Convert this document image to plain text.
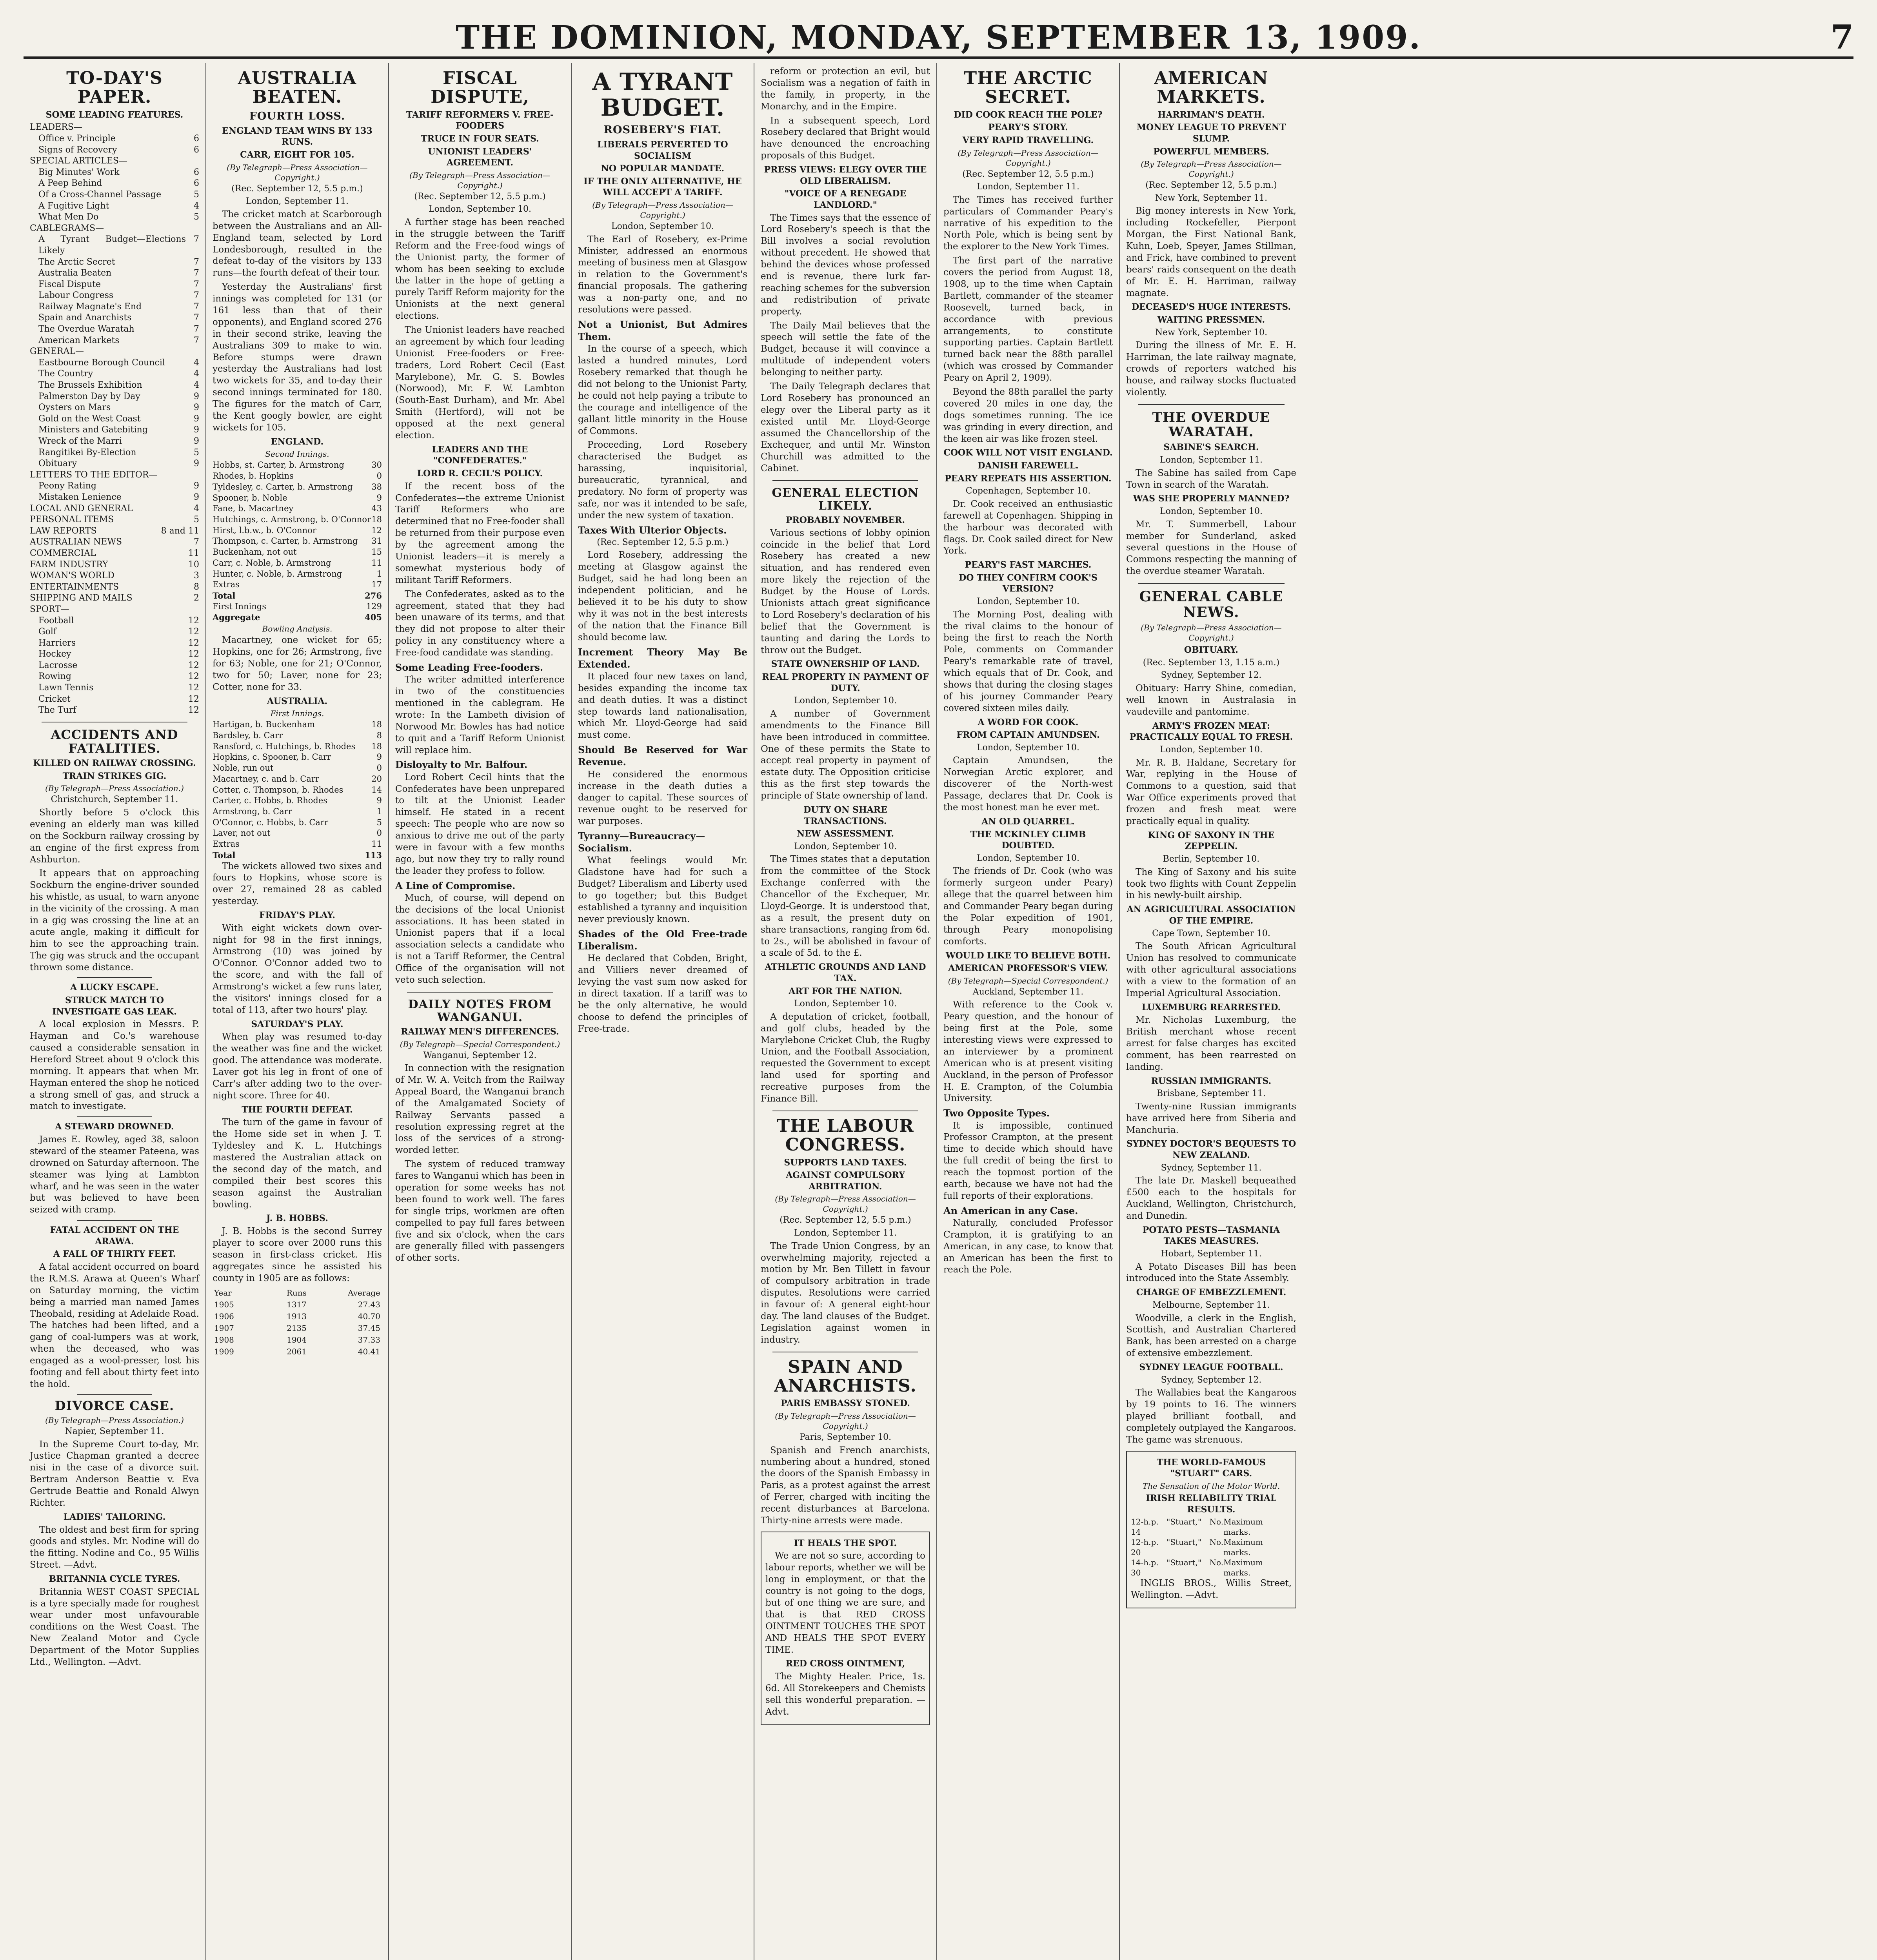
THE DOMINION, MONDAY, SEPTEMBER 13, 1909.	7
TO-DAY'S PAPER.
SOME LEADING FEATURES.
LEADERS—
Office v. Principle	6
Signs of Recovery	6
SPECIAL ARTICLES—
Big Minutes' Work	6
A Peep Behind	6
Of a Cross-Channel Passage	5
A Fugitive Light	4
What Men Do	5
CABLEGRAMS—
A Tyrant Budget—Elections Likely
7
The Arctic Secret	7
Australia Beaten	7
Fiscal Dispute	7
Labour Congress	7
Railway Magnate's End	7
Spain and Anarchists	7
The Overdue Waratah	7
American Markets	7
GENERAL—
Eastbourne Borough Council	4
The Country	4
The Brussels Exhibition	4
Palmerston Day by Day	9
Oysters on Mars	9
Gold on the West Coast	9
Ministers and Gatebiting	9
Wreck of the Marri	9
Rangitikei By-Election	5
Obituary	9
LETTERS TO THE EDITOR—
Peony Rating	9
Mistaken Lenience	9
LOCAL AND GENERAL	4
PERSONAL ITEMS	5
LAW REPORTS	8 and 11
AUSTRALIAN NEWS	7
COMMERCIAL	11
FARM INDUSTRY	10
WOMAN'S WORLD	3
ENTERTAINMENTS	8
SHIPPING AND MAILS	2
SPORT—
Football	12
Golf	12
Harriers	12
Hockey	12
Lacrosse	12
Rowing	12
Lawn Tennis	12
Cricket	12
The Turf	12
ACCIDENTS AND FATALITIES.
KILLED ON RAILWAY CROSSING.
TRAIN STRIKES GIG.
(By Telegraph—Press Association.)
Christchurch, September 11.

Shortly before 5 o'clock this evening an elderly man was killed on the Sockburn railway crossing by an engine of the first express from Ashburton.

It appears that on approaching Sockburn the engine-driver sounded his whistle, as usual, to warn anyone in the vicinity of the crossing. A man in a gig was crossing the line at an acute angle, making it difficult for him to see the approaching train. The gig was struck and the occupant thrown some distance.

A LUCKY ESCAPE.
STRUCK MATCH TO INVESTIGATE GAS LEAK.

A local explosion in Messrs. P. Hayman and Co.'s warehouse caused a considerable sensation in Hereford Street about 9 o'clock this morning. It appears that when Mr. Hayman entered the shop he noticed a strong smell of gas, and struck a match to investigate.

A STEWARD DROWNED.

James E. Rowley, aged 38, saloon steward of the steamer Pateena, was drowned on Saturday afternoon. The steamer was lying at Lambton wharf, and he was seen in the water but was believed to have been seized with cramp.

FATAL ACCIDENT ON THE ARAWA.
A FALL OF THIRTY FEET.

A fatal accident occurred on board the R.M.S. Arawa at Queen's Wharf on Saturday morning, the victim being a married man named James Theobald, residing at Adelaide Road. The hatches had been lifted, and a gang of coal-lumpers was at work, when the deceased, who was engaged as a wool-presser, lost his footing and fell about thirty feet into the hold.

DIVORCE CASE.
(By Telegraph—Press Association.)
Napier, September 11.

In the Supreme Court to-day, Mr. Justice Chapman granted a decree nisi in the case of a divorce suit. Bertram Anderson Beattie v. Eva Gertrude Beattie and Ronald Alwyn Richter.

LADIES' TAILORING.

The oldest and best firm for spring goods and styles. Mr. Nodine will do the fitting. Nodine and Co., 95 Willis Street. —Advt.

BRITANNIA CYCLE TYRES.

Britannia WEST COAST SPECIAL is a tyre specially made for roughest wear under most unfavourable conditions on the West Coast. The New Zealand Motor and Cycle Department of the Motor Supplies Ltd., Wellington. —Advt.

AUSTRALIA BEATEN.
FOURTH LOSS.
ENGLAND TEAM WINS BY 133 RUNS.
CARR, EIGHT FOR 105.
(By Telegraph—Press Association—Copyright.)
(Rec. September 12, 5.5 p.m.)
London, September 11.

The cricket match at Scarborough between the Australians and an All-England team, selected by Lord Londesborough, resulted in the defeat to-day of the visitors by 133 runs—the fourth defeat of their tour.

Yesterday the Australians' first innings was completed for 131 (or 161 less than that of their opponents), and England scored 276 in their second strike, leaving the Australians 309 to make to win. Before stumps were drawn yesterday the Australians had lost two wickets for 35, and to-day their second innings terminated for 180. The figures for the match of Carr, the Kent googly bowler, are eight wickets for 105.

ENGLAND.
Second Innings.
Hobbs, st. Carter, b. Armstrong	30
Rhodes, b. Hopkins	0
Tyldesley, c. Carter, b. Armstrong 38
Spooner, b. Noble	9
Fane, b. Macartney	43
Hutchings, c. Armstrong, b. O'Connor 18
Hirst, l.b.w., b. O'Connor	12
Thompson, c. Carter, b. Armstrong 31
Buckenham, not out	15
Carr, c. Noble, b. Armstrong	11
Hunter, c. Noble, b. Armstrong	1
Extras	17
Total	276
First Innings	129
Aggregate	405
Bowling Analysis.

Macartney, one wicket for 65; Hopkins, one for 26; Armstrong, five for 63; Noble, one for 21; O'Connor, two for 50; Laver, none for 23; Cotter, none for 33.

AUSTRALIA.
First Innings.
Hartigan, b. Buckenham	18
Bardsley, b. Carr	8
Ransford, c. Hutchings, b. Rhodes 18
Hopkins, c. Spooner, b. Carr	9
Noble, run out	0
Macartney, c. and b. Carr	20
Cotter, c. Thompson, b. Rhodes	14
Carter, c. Hobbs, b. Rhodes	9
Armstrong, b. Carr	1
O'Connor, c. Hobbs, b. Carr	5
Laver, not out	0
Extras	11
Total	113

The wickets allowed two sixes and fours to Hopkins, whose score is over 27, remained 28 as cabled yesterday.

FRIDAY'S PLAY.

With eight wickets down over-night for 98 in the first innings, Armstrong (10) was joined by O'Connor. O'Connor added two to the score, and with the fall of Armstrong's wicket a few runs later, the visitors' innings closed for a total of 113, after two hours' play.

SATURDAY'S PLAY.

When play was resumed to-day the weather was fine and the wicket good. The attendance was moderate. Laver got his leg in front of one of Carr's after adding two to the over-night score. Three for 40.

THE FOURTH DEFEAT.

The turn of the game in favour of the Home side set in when J. T. Tyldesley and K. L. Hutchings mastered the Australian attack on the second day of the match, and compiled their best scores this season against the Australian bowling.

J. B. HOBBS.

J. B. Hobbs is the second Surrey player to score over 2000 runs this season in first-class cricket. His aggregates since he assisted his county in 1905 are as follows:

Year	Runs	Average
1905	1317	27.43
1906	1913	40.70
1907	2135	37.45
1908	1904	37.33
1909	2061	40.41
FISCAL DISPUTE,
TARIFF REFORMERS V. FREE-FOODERS
TRUCE IN FOUR SEATS.
UNIONIST LEADERS' AGREEMENT.
(By Telegraph—Press Association—Copyright.)
(Rec. September 12, 5.5 p.m.)
London, September 10.

A further stage has been reached in the struggle between the Tariff Reform and the Free-food wings of the Unionist party, the former of whom has been seeking to exclude the latter in the hope of getting a purely Tariff Reform majority for the Unionists at the next general elections.

The Unionist leaders have reached an agreement by which four leading Unionist Free-fooders or Free-traders, Lord Robert Cecil (East Marylebone), Mr. G. S. Bowles (Norwood), Mr. F. W. Lambton (South-East Durham), and Mr. Abel Smith (Hertford), will not be opposed at the next general election.

LEADERS AND THE "CONFEDERATES."
LORD R. CECIL'S POLICY.

If the recent boss of the Confederates—the extreme Unionist Tariff Reformers who are determined that no Free-fooder shall be returned from their purpose even by the agreement among the Unionist leaders—it is merely a somewhat mysterious body of militant Tariff Reformers.

The Confederates, asked as to the agreement, stated that they had been unaware of its terms, and that they did not propose to alter their policy in any constituency where a Free-food candidate was standing.

Some Leading Free-fooders.

The writer admitted interference in two of the constituencies mentioned in the cablegram. He wrote: In the Lambeth division of Norwood Mr. Bowles has had notice to quit and a Tariff Reform Unionist will replace him.

Disloyalty to Mr. Balfour.

Lord Robert Cecil hints that the Confederates have been unprepared to tilt at the Unionist Leader himself. He stated in a recent speech: The people who are now so anxious to drive me out of the party were in favour with a few months ago, but now they try to rally round the leader they profess to follow.

A Line of Compromise.

Much, of course, will depend on the decisions of the local Unionist associations. It has been stated in Unionist papers that if a local association selects a candidate who is not a Tariff Reformer, the Central Office of the organisation will not veto such selection.

DAILY NOTES FROM WANGANUI.
RAILWAY MEN'S DIFFERENCES.
(By Telegraph—Special Correspondent.)
Wanganui, September 12.

In connection with the resignation of Mr. W. A. Veitch from the Railway Appeal Board, the Wanganui branch of the Amalgamated Society of Railway Servants passed a resolution expressing regret at the loss of the services of a strong-worded letter.

The system of reduced tramway fares to Wanganui which has been in operation for some weeks has not been found to work well. The fares for single trips, workmen are often compelled to pay full fares between five and six o'clock, when the cars are generally filled with passengers of other sorts.

A TYRANT BUDGET.
ROSEBERY'S FIAT.
LIBERALS PERVERTED TO SOCIALISM
NO POPULAR MANDATE.
IF THE ONLY ALTERNATIVE, HE WILL ACCEPT A TARIFF.
(By Telegraph—Press Association—Copyright.)
London, September 10.

The Earl of Rosebery, ex-Prime Minister, addressed an enormous meeting of business men at Glasgow in relation to the Government's financial proposals. The gathering was a non-party one, and no resolutions were passed.

Not a Unionist, But Admires Them.

In the course of a speech, which lasted a hundred minutes, Lord Rosebery remarked that though he did not belong to the Unionist Party, he could not help paying a tribute to the courage and intelligence of the gallant little minority in the House of Commons.

Proceeding, Lord Rosebery characterised the Budget as harassing, inquisitorial, bureaucratic, tyrannical, and predatory. No form of property was safe, nor was it intended to be safe, under the new system of taxation.

Taxes With Ulterior Objects.
(Rec. September 12, 5.5 p.m.)

Lord Rosebery, addressing the meeting at Glasgow against the Budget, said he had long been an independent politician, and he believed it to be his duty to show why it was not in the best interests of the nation that the Finance Bill should become law.

Increment Theory May Be Extended.

It placed four new taxes on land, besides expanding the income tax and death duties. It was a distinct step towards land nationalisation, which Mr. Lloyd-George had said must come.

Should Be Reserved for War Revenue.

He considered the enormous increase in the death duties a danger to capital. These sources of revenue ought to be reserved for war purposes.

Tyranny—Bureaucracy—Socialism.

What feelings would Mr. Gladstone have had for such a Budget? Liberalism and Liberty used to go together; but this Budget established a tyranny and inquisition never previously known.

Shades of the Old Free-trade Liberalism.

He declared that Cobden, Bright, and Villiers never dreamed of levying the vast sum now asked for in direct taxation. If a tariff was to be the only alternative, he would choose to defend the principles of Free-trade.

reform or protection an evil, but Socialism was a negation of faith in the family, in property, in the Monarchy, and in the Empire.

In a subsequent speech, Lord Rosebery declared that Bright would have denounced the encroaching proposals of this Budget.

PRESS VIEWS: ELEGY OVER THE OLD LIBERALISM.
"VOICE OF A RENEGADE LANDLORD."

The Times says that the essence of Lord Rosebery's speech is that the Bill involves a social revolution without precedent. He showed that behind the devices whose professed end is revenue, there lurk far-reaching schemes for the subversion and redistribution of private property.

The Daily Mail believes that the speech will settle the fate of the Budget, because it will convince a multitude of independent voters belonging to neither party.

The Daily Telegraph declares that Lord Rosebery has pronounced an elegy over the Liberal party as it existed until Mr. Lloyd-George assumed the Chancellorship of the Exchequer, and until Mr. Winston Churchill was admitted to the Cabinet.

GENERAL ELECTION LIKELY.
PROBABLY NOVEMBER.

Various sections of lobby opinion coincide in the belief that Lord Rosebery has created a new situation, and has rendered even more likely the rejection of the Budget by the House of Lords. Unionists attach great significance to Lord Rosebery's declaration of his belief that the Government is taunting and daring the Lords to throw out the Budget.

STATE OWNERSHIP OF LAND.
REAL PROPERTY IN PAYMENT OF DUTY.
London, September 10.

A number of Government amendments to the Finance Bill have been introduced in committee. One of these permits the State to accept real property in payment of estate duty. The Opposition criticise this as the first step towards the principle of State ownership of land.

DUTY ON SHARE TRANSACTIONS.
NEW ASSESSMENT.
London, September 10.

The Times states that a deputation from the committee of the Stock Exchange conferred with the Chancellor of the Exchequer, Mr. Lloyd-George. It is understood that, as a result, the present duty on share transactions, ranging from 6d. to 2s., will be abolished in favour of a scale of 5d. to the £.

ATHLETIC GROUNDS AND LAND TAX.
ART FOR THE NATION.
London, September 10.

A deputation of cricket, football, and golf clubs, headed by the Marylebone Cricket Club, the Rugby Union, and the Football Association, requested the Government to except land used for sporting and recreative purposes from the Finance Bill.

THE LABOUR CONGRESS.
SUPPORTS LAND TAXES.
AGAINST COMPULSORY ARBITRATION.
(By Telegraph—Press Association—Copyright.)
(Rec. September 12, 5.5 p.m.)
London, September 11.

The Trade Union Congress, by an overwhelming majority, rejected a motion by Mr. Ben Tillett in favour of compulsory arbitration in trade disputes. Resolutions were carried in favour of: A general eight-hour day. The land clauses of the Budget. Legislation against women in industry.

SPAIN AND ANARCHISTS.
PARIS EMBASSY STONED.
(By Telegraph—Press Association—Copyright.)
Paris, September 10.

Spanish and French anarchists, numbering about a hundred, stoned the doors of the Spanish Embassy in Paris, as a protest against the arrest of Ferrer, charged with inciting the recent disturbances at Barcelona. Thirty-nine arrests were made.

IT HEALS THE SPOT.

We are not so sure, according to labour reports, whether we will be long in employment, or that the country is not going to the dogs, but of one thing we are sure, and that is that RED CROSS OINTMENT TOUCHES THE SPOT AND HEALS THE SPOT EVERY TIME.

RED CROSS OINTMENT,

The Mighty Healer. Price, 1s. 6d. All Storekeepers and Chemists sell this wonderful preparation. —Advt.

THE ARCTIC SECRET.
DID COOK REACH THE POLE?
PEARY'S STORY.
VERY RAPID TRAVELLING.
(By Telegraph—Press Association—Copyright.)
(Rec. September 12, 5.5 p.m.)
London, September 11.

The Times has received further particulars of Commander Peary's narrative of his expedition to the North Pole, which is being sent by the explorer to the New York Times.

The first part of the narrative covers the period from August 18, 1908, up to the time when Captain Bartlett, commander of the steamer Roosevelt, turned back, in accordance with previous arrangements, to constitute supporting parties. Captain Bartlett turned back near the 88th parallel (which was crossed by Commander Peary on April 2, 1909).

Beyond the 88th parallel the party covered 20 miles in one day, the dogs sometimes running. The ice was grinding in every direction, and the keen air was like frozen steel.

COOK WILL NOT VISIT ENGLAND.
DANISH FAREWELL.
PEARY REPEATS HIS ASSERTION.
Copenhagen, September 10.

Dr. Cook received an enthusiastic farewell at Copenhagen. Shipping in the harbour was decorated with flags. Dr. Cook sailed direct for New York.

PEARY'S FAST MARCHES.
DO THEY CONFIRM COOK'S VERSION?
London, September 10.

The Morning Post, dealing with the rival claims to the honour of being the first to reach the North Pole, comments on Commander Peary's remarkable rate of travel, which equals that of Dr. Cook, and shows that during the closing stages of his journey Commander Peary covered sixteen miles daily.

A WORD FOR COOK.
FROM CAPTAIN AMUNDSEN.
London, September 10.

Captain Amundsen, the Norwegian Arctic explorer, and discoverer of the North-west Passage, declares that Dr. Cook is the most honest man he ever met.

AN OLD QUARREL.
THE MCKINLEY CLIMB DOUBTED.
London, September 10.

The friends of Dr. Cook (who was formerly surgeon under Peary) allege that the quarrel between him and Commander Peary began during the Polar expedition of 1901, through Peary monopolising comforts.

WOULD LIKE TO BELIEVE BOTH.
AMERICAN PROFESSOR'S VIEW.
(By Telegraph—Special Correspondent.)
Auckland, September 11.

With reference to the Cook v. Peary question, and the honour of being first at the Pole, some interesting views were expressed to an interviewer by a prominent American who is at present visiting Auckland, in the person of Professor H. E. Crampton, of the Columbia University.

Two Opposite Types.

It is impossible, continued Professor Crampton, at the present time to decide which should have the full credit of being the first to reach the topmost portion of the earth, because we have not had the full reports of their explorations.

An American in any Case.

Naturally, concluded Professor Crampton, it is gratifying to an American, in any case, to know that an American has been the first to reach the Pole.

AMERICAN MARKETS.
HARRIMAN'S DEATH.
MONEY LEAGUE TO PREVENT SLUMP.
POWERFUL MEMBERS.
(By Telegraph—Press Association—Copyright.)
(Rec. September 12, 5.5 p.m.)
New York, September 11.

Big money interests in New York, including Rockefeller, Pierpont Morgan, the First National Bank, Kuhn, Loeb, Speyer, James Stillman, and Frick, have combined to prevent bears' raids consequent on the death of Mr. E. H. Harriman, railway magnate.

DECEASED'S HUGE INTERESTS.
WAITING PRESSMEN.
New York, September 10.

During the illness of Mr. E. H. Harriman, the late railway magnate, crowds of reporters watched his house, and railway stocks fluctuated violently.

THE OVERDUE WARATAH.
SABINE'S SEARCH.
London, September 11.

The Sabine has sailed from Cape Town in search of the Waratah.

WAS SHE PROPERLY MANNED?
London, September 10.

Mr. T. Summerbell, Labour member for Sunderland, asked several questions in the House of Commons respecting the manning of the overdue steamer Waratah.

GENERAL CABLE NEWS.
(By Telegraph—Press Association—Copyright.)
OBITUARY.
(Rec. September 13, 1.15 a.m.)
Sydney, September 12.

Obituary: Harry Shine, comedian, well known in Australasia in vaudeville and pantomime.

ARMY'S FROZEN MEAT: PRACTICALLY EQUAL TO FRESH.
London, September 10.

Mr. R. B. Haldane, Secretary for War, replying in the House of Commons to a question, said that War Office experiments proved that frozen and fresh meat were practically equal in quality.

KING OF SAXONY IN THE ZEPPELIN.
Berlin, September 10.

The King of Saxony and his suite took two flights with Count Zeppelin in his newly-built airship.

AN AGRICULTURAL ASSOCIATION OF THE EMPIRE.
Cape Town, September 10.

The South African Agricultural Union has resolved to communicate with other agricultural associations with a view to the formation of an Imperial Agricultural Association.

LUXEMBURG REARRESTED.

Mr. Nicholas Luxemburg, the British merchant whose recent arrest for false charges has excited comment, has been rearrested on landing.

RUSSIAN IMMIGRANTS.
Brisbane, September 11.

Twenty-nine Russian immigrants have arrived here from Siberia and Manchuria.

SYDNEY DOCTOR'S BEQUESTS TO NEW ZEALAND.
Sydney, September 11.

The late Dr. Maskell bequeathed £500 each to the hospitals for Auckland, Wellington, Christchurch, and Dunedin.

POTATO PESTS—TASMANIA TAKES MEASURES.
Hobart, September 11.

A Potato Diseases Bill has been introduced into the State Assembly.

CHARGE OF EMBEZZLEMENT.
Melbourne, September 11.

Woodville, a clerk in the English, Scottish, and Australian Chartered Bank, has been arrested on a charge of extensive embezzlement.

SYDNEY LEAGUE FOOTBALL.
Sydney, September 12.

The Wallabies beat the Kangaroos by 19 points to 16. The winners played brilliant football, and completely outplayed the Kangaroos. The game was strenuous.

THE WORLD-FAMOUS "STUART" CARS.
The Sensation of the Motor World.
IRISH RELIABILITY TRIAL RESULTS.
12-h.p. "Stuart," No. 14
Maximum marks.
12-h.p. "Stuart," No. 20
Maximum marks.
14-h.p. "Stuart," No. 30
Maximum marks.

INGLIS BROS., Willis Street, Wellington. —Advt.
